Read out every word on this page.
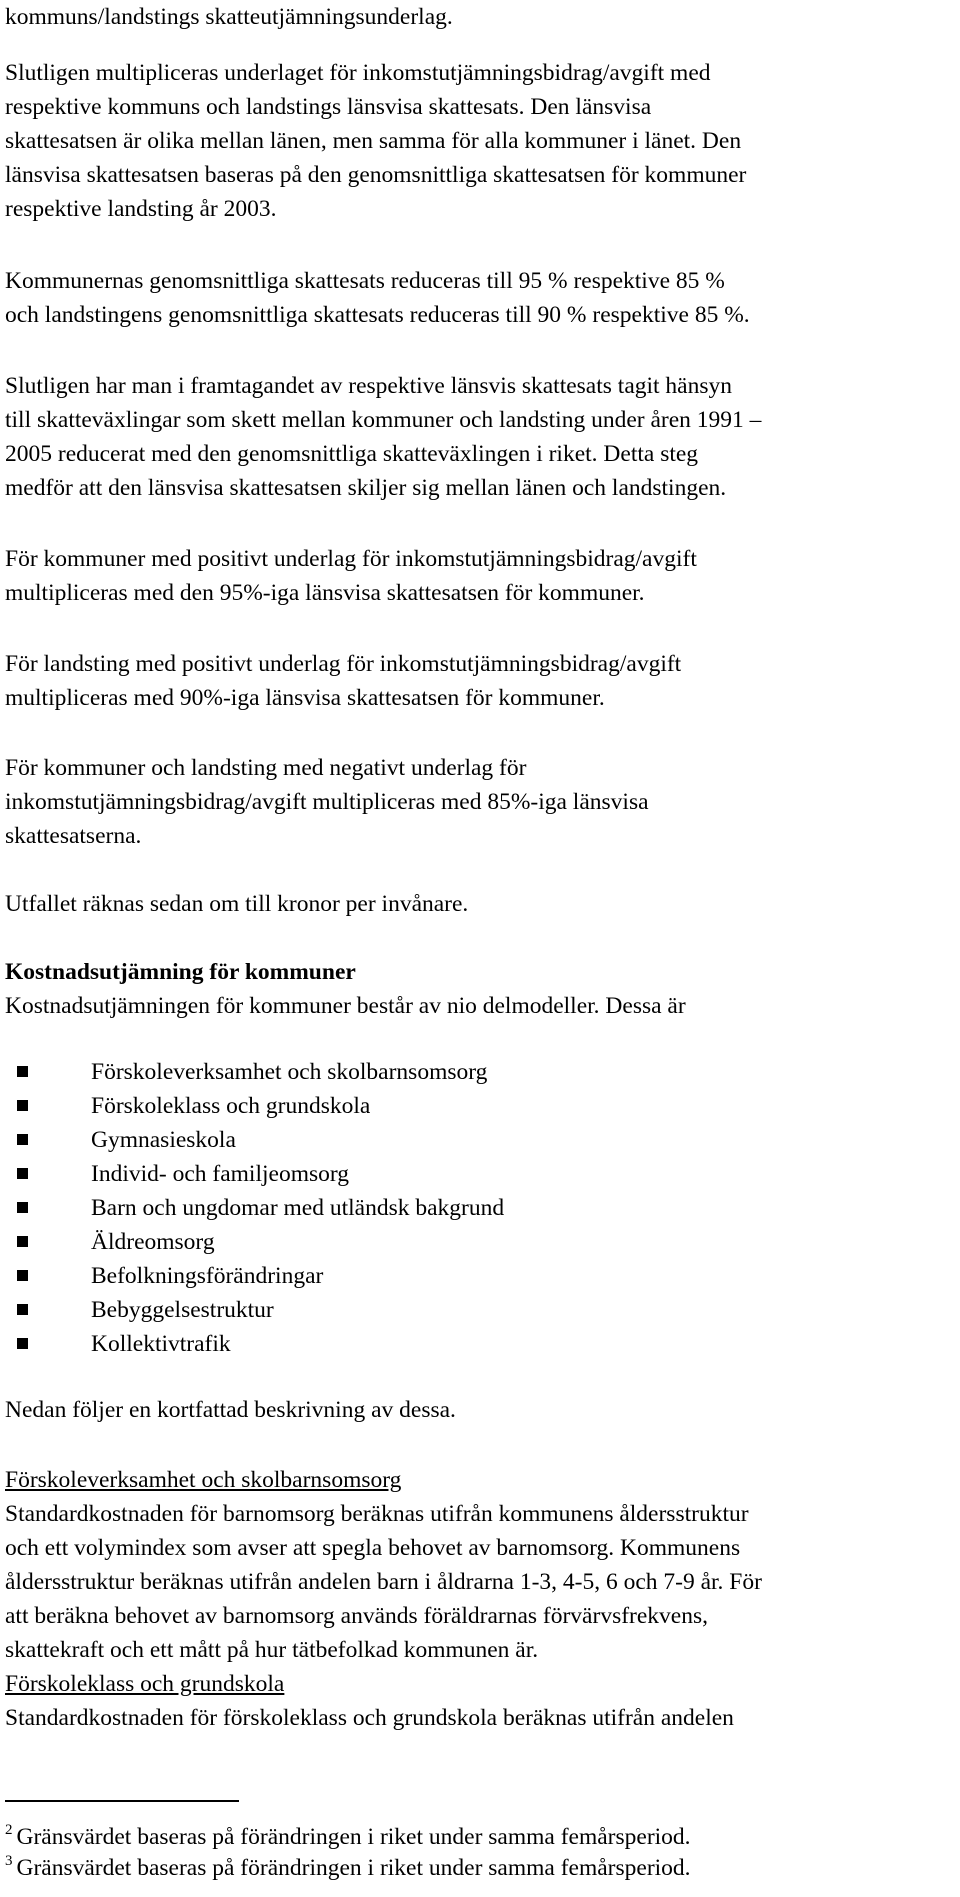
kommuns/landstings skatteutjämningsunderlag.

Slutligen multipliceras underlaget för inkomstutjämningsbidrag/avgift med
respektive kommuns och landstings länsvisa skattesats. Den länsvisa
skattesatsen är olika mellan länen, men samma för alla kommuner i länet. Den
länsvisa skattesatsen baseras på den genomsnittliga skattesatsen för kommuner
respektive landsting år 2003.

Kommunernas genomsnittliga skattesats reduceras till 95 % respektive 85 %
och landstingens genomsnittliga skattesats reduceras till 90 % respektive 85 %.

Slutligen har man i framtagandet av respektive länsvis skattesats tagit hänsyn
till skatteväxlingar som skett mellan kommuner och landsting under åren 1991 –
2005 reducerat med den genomsnittliga skatteväxlingen i riket. Detta steg
medför att den länsvisa skattesatsen skiljer sig mellan länen och landstingen.

För kommuner med positivt underlag för inkomstutjämningsbidrag/avgift
multipliceras med den 95%-iga länsvisa skattesatsen för kommuner.

För landsting med positivt underlag för inkomstutjämningsbidrag/avgift
multipliceras med 90%-iga länsvisa skattesatsen för kommuner.

För kommuner och landsting med negativt underlag för
inkomstutjämningsbidrag/avgift multipliceras med 85%-iga länsvisa
skattesatserna.

Utfallet räknas sedan om till kronor per invånare.

Kostnadsutjämning för kommuner
Kostnadsutjämningen för kommuner består av nio delmodeller. Dessa är

Förskoleverksamhet och skolbarnsomsorg
Förskoleklass och grundskola
Gymnasieskola
Individ- och familjeomsorg
Barn och ungdomar med utländsk bakgrund
Äldreomsorg
Befolkningsförändringar
Bebyggelsestruktur
Kollektivtrafik

Nedan följer en kortfattad beskrivning av dessa.

Förskoleverksamhet och skolbarnsomsorg
Standardkostnaden för barnomsorg beräknas utifrån kommunens åldersstruktur
och ett volymindex som avser att spegla behovet av barnomsorg. Kommunens
åldersstruktur beräknas utifrån andelen barn i åldrarna 1-3, 4-5, 6 och 7-9 år. För
att beräkna behovet av barnomsorg används föräldrarnas förvärvsfrekvens,
skattekraft och ett mått på hur tätbefolkad kommunen är.

Förskoleklass och grundskola
Standardkostnaden för förskoleklass och grundskola beräknas utifrån andelen

$^2$ Gränsvärdet baseras på förändringen i riket under samma femårsperiod.
$^3$ Gränsvärdet baseras på förändringen i riket under samma femårsperiod.
